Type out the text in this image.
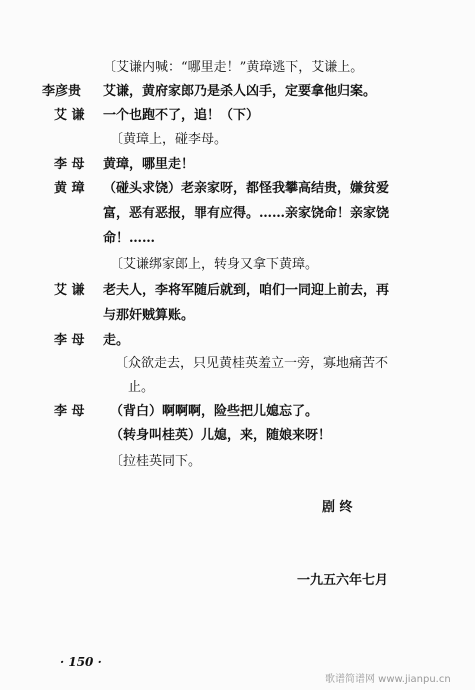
〔艾谦内喊：“哪里走！”黄璋逃下，艾谦上。
李彦贵 艾谦，黄府家郎乃是杀人凶手，定要拿他归案。
艾 谦 一个也跑不了，追！（下）
〔黄璋上，碰李母。
李 母 黄璋，哪里走！
黄 璋 （碰头求饶）老亲家呀，都怪我攀高结贵，嫌贫爱
富，恶有恶报，罪有应得。……亲家饶命！亲家饶
命！……
〔艾谦绑家郎上，转身又拿下黄璋。
艾 谦 老夫人，李将军随后就到，咱们一同迎上前去，再
与那奸贼算账。
李 母 走。
〔众欲走去，只见黄桂英羞立一旁，寡地痛苦不
止。
李 母 （背白）啊啊啊，险些把儿媳忘了。
（转身叫桂英）儿媳，来，随娘来呀！
〔拉桂英同下。
剧 终
一九五六年七月
· 150 ·
歌谱简谱网 www.jianpu.cn
